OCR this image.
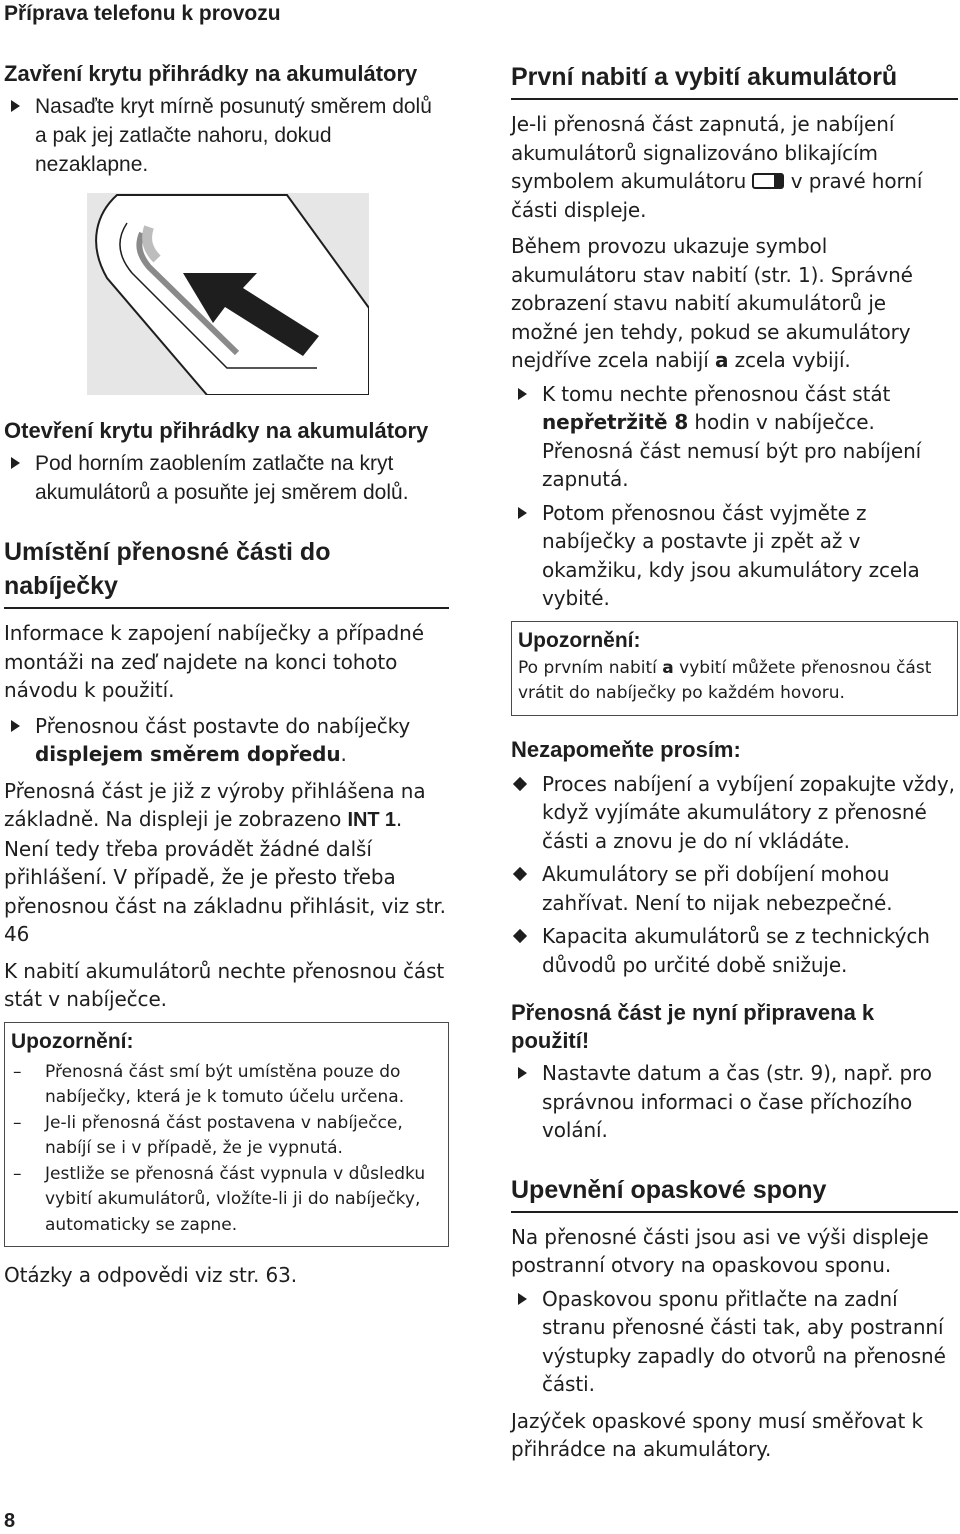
Příprava telefonu k provozu
Zavření krytu přihrádky na akumulátory
Nasaďte kryt mírně posunutý směrem dolů a pak jej zatlačte nahoru, dokud nezaklapne.
Otevření krytu přihrádky na akumulátory
Pod horním zaoblením zatlačte na kryt akumulátorů a posuňte jej směrem dolů.
Umístění přenosné části do nabíječky

Informace k zapojení nabíječky a případné montáži na zeď najdete na konci tohoto návodu k použití.

Přenosnou část postavte do nabíječky displejem směrem dopředu.

Přenosná část je již z výroby přihlášena na základně. Na displeji je zobrazeno INT 1. Není tedy třeba provádět žádné další přihlášení. V případě, že je přesto třeba přenosnou část na základnu přihlásit, viz str. 46

K nabití akumulátorů nechte přenosnou část stát v nabíječce.

Upozornění:

– Přenosná část smí být umístěna pouze do nabíječky, která je k tomuto účelu určena.
– Je-li přenosná část postavena v nabíječce, nabíjí se i v případě, že je vypnutá.
– Jestliže se přenosná část vypnula v důsledku vybití akumulátorů, vložíte-li ji do nabíječky, automaticky se zapne.

Otázky a odpovědi viz str. 63.

První nabití a vybití akumulátorů

Je-li přenosná část zapnutá, je nabíjení akumulátorů signalizováno blikajícím symbolem akumulátoru  v pravé horní části displeje.

Během provozu ukazuje symbol akumulátoru stav nabití (str. 1). Správné zobrazení stavu nabití akumulátorů je možné jen tehdy, pokud se akumulátory nejdříve zcela nabijí a zcela vybijí.

K tomu nechte přenosnou část stát nepřetržitě 8 hodin v nabíječce. Přenosná část nemusí být pro nabíjení zapnutá.
Potom přenosnou část vyjměte z nabíječky a postavte ji zpět až v okamžiku, kdy jsou akumulátory zcela vybité.

Upozornění:

Po prvním nabití a vybití můžete přenosnou část vrátit do nabíječky po každém hovoru.

Nezapomeňte prosím:
Proces nabíjení a vybíjení zopakujte vždy, když vyjímáte akumulátory z přenosné části a znovu je do ní vkládáte.
Akumulátory se při dobíjení mohou zahřívat. Není to nijak nebezpečné.
Kapacita akumulátorů se z technických důvodů po určité době snižuje.
Přenosná část je nyní připravena k použití!
Nastavte datum a čas (str. 9), např. pro správnou informaci o čase příchozího volání.
Upevnění opaskové spony

Na přenosné části jsou asi ve výši displeje postranní otvory na opaskovou sponu.

Opaskovou sponu přitlačte na zadní stranu přenosné části tak, aby postranní výstupky zapadly do otvorů na přenosné části.

Jazýček opaskové spony musí směřovat k přihrádce na akumulátory.

8
